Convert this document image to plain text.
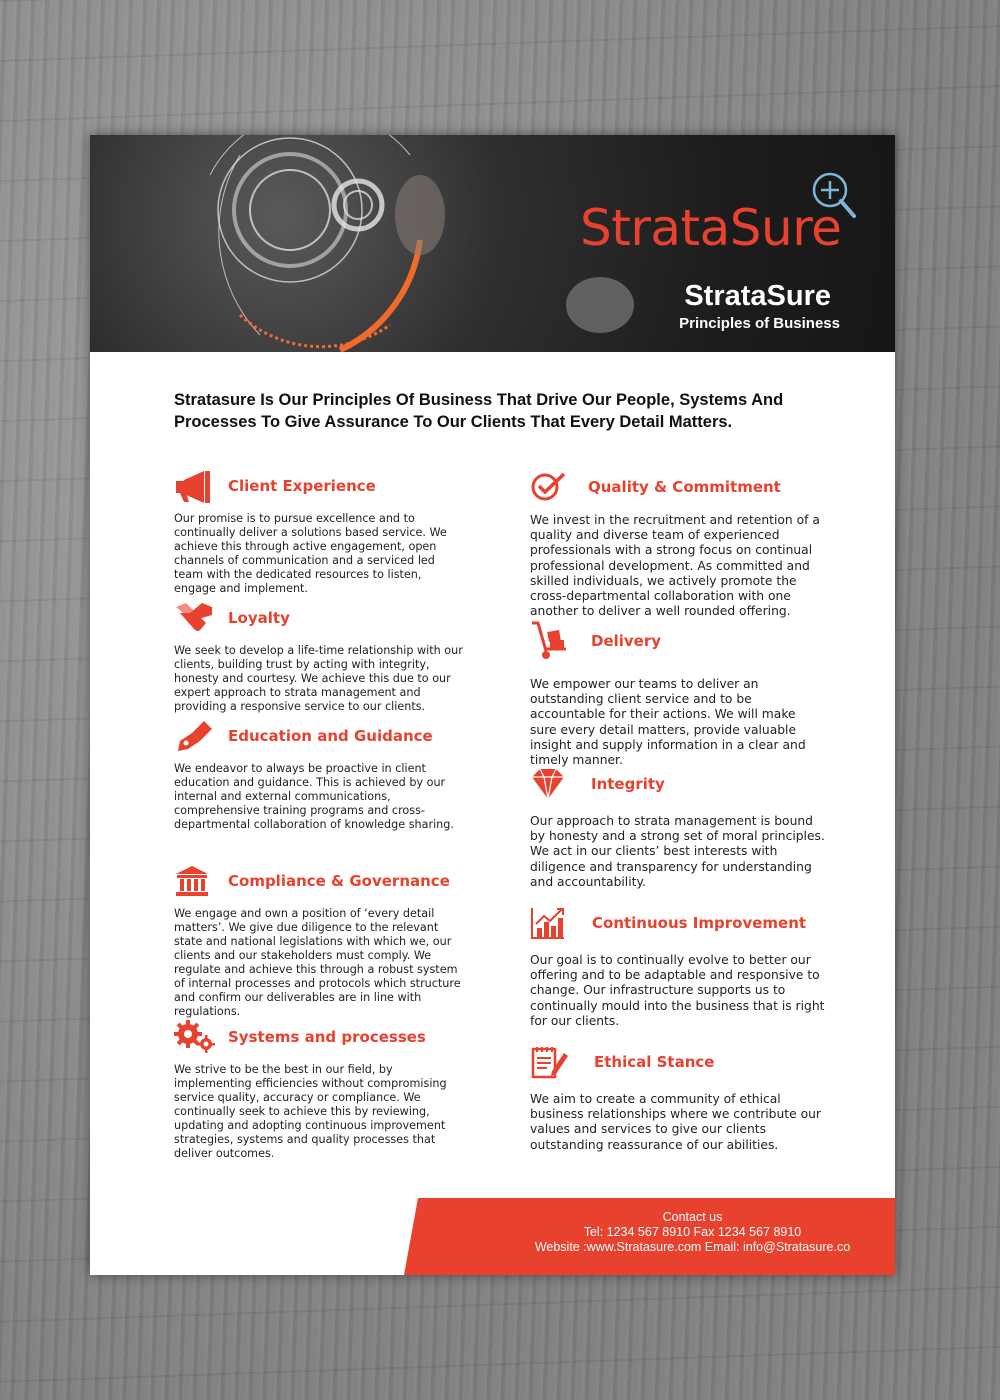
StrataSure
StrataSure
Principles of Business
Stratasure Is Our Principles Of Business That Drive Our People, Systems And Processes To Give Assurance To Our Clients That Every Detail Matters.
Client Experience
Our promise is to pursue excellence and to continually deliver a solutions based service. We achieve this through active engagement, open channels of communication and a serviced led team with the dedicated resources to listen, engage and implement.
Loyalty
We seek to develop a life-time relationship with our clients, building trust by acting with integrity, honesty and courtesy. We achieve this due to our expert approach to strata management and providing a responsive service to our clients.
Education and Guidance
We endeavor to always be proactive in client education and guidance. This is achieved by our internal and external communications, comprehensive training programs and cross-departmental collaboration of knowledge sharing.
Compliance & Governance
We engage and own a position of ‘every detail matters’. We give due diligence to the relevant state and national legislations with which we, our clients and our stakeholders must comply. We regulate and achieve this through a robust system of internal processes and protocols which structure and confirm our deliverables are in line with regulations.
Systems and processes
We strive to be the best in our field, by implementing efficiencies without compromising service quality, accuracy or compliance. We continually seek to achieve this by reviewing, updating and adopting continuous improvement strategies, systems and quality processes that deliver outcomes.
Quality & Commitment
We invest in the recruitment and retention of a quality and diverse team of experienced professionals with a strong focus on continual professional development. As committed and skilled individuals, we actively promote the cross-departmental collaboration with one another to deliver a well rounded offering.
Delivery
We empower our teams to deliver an outstanding client service and to be accountable for their actions. We will make sure every detail matters, provide valuable insight and supply information in a clear and timely manner.
Integrity
Our approach to strata management is bound by honesty and a strong set of moral principles. We act in our clients’ best interests with diligence and transparency for understanding and accountability.
Continuous Improvement
Our goal is to continually evolve to better our offering and to be adaptable and responsive to change. Our infrastructure supports us to continually mould into the business that is right for our clients.
Ethical Stance
We aim to create a community of ethical business relationships where we contribute our values and services to give our clients outstanding reassurance of our abilities.
Contact us
Tel: 1234 567 8910 Fax 1234 567 8910
Website :www.Stratasure.com Email: info@Stratasure.co
